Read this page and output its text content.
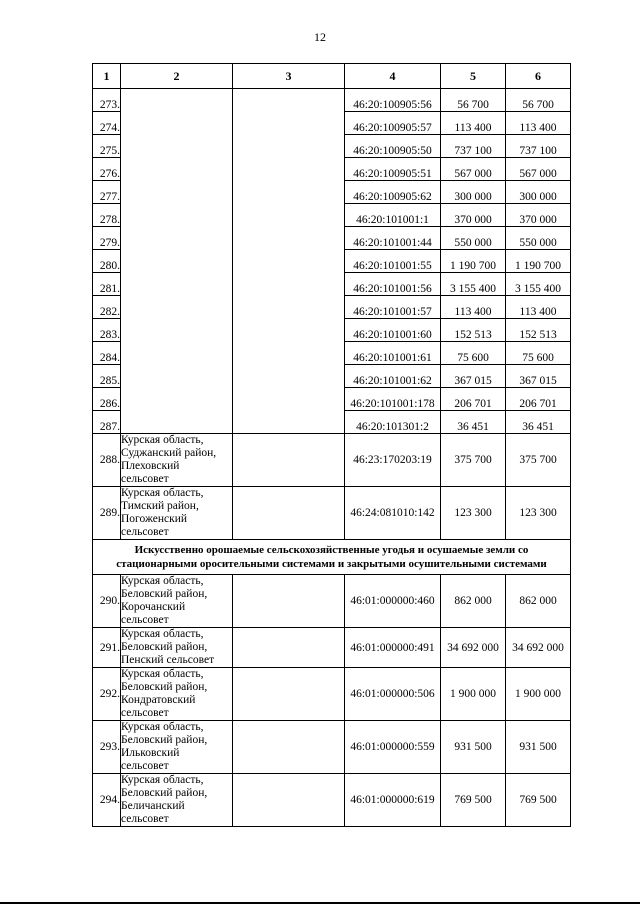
12
1	2	3	4	5	6
273.			46:20:100905:56	56 700	56 700
274.			46:20:100905:57	113 400	113 400
275.			46:20:100905:50	737 100	737 100
276.			46:20:100905:51	567 000	567 000
277.			46:20:100905:62	300 000	300 000
278.			46:20:101001:1	370 000	370 000
279.			46:20:101001:44	550 000	550 000
280.			46:20:101001:55	1 190 700	1 190 700
281.			46:20:101001:56	3 155 400	3 155 400
282.			46:20:101001:57	113 400	113 400
283.			46:20:101001:60	152 513	152 513
284.			46:20:101001:61	75 600	75 600
285.			46:20:101001:62	367 015	367 015
286.			46:20:101001:178	206 701	206 701
287.			46:20:101301:2	36 451	36 451
288.	Курская область,
Суджанский район,
Плеховский
сельсовет		46:23:170203:19	375 700	375 700
289.	Курская область,
Тимский район,
Погоженский
сельсовет		46:24:081010:142	123 300	123 300
Искусственно орошаемые сельскохозяйственные угодья и осушаемые земли со стационарными оросительными системами и закрытыми осушительными системами					
290.	Курская область,
Беловский район,
Корочанский
сельсовет		46:01:000000:460	862 000	862 000
291.	Курская область,
Беловский район,
Пенский сельсовет		46:01:000000:491	34 692 000	34 692 000
292.	Курская область,
Беловский район,
Кондратовский
сельсовет		46:01:000000:506	1 900 000	1 900 000
293.	Курская область,
Беловский район,
Ильковский
сельсовет		46:01:000000:559	931 500	931 500
294.	Курская область,
Беловский район,
Беличанский
сельсовет		46:01:000000:619	769 500	769 500
